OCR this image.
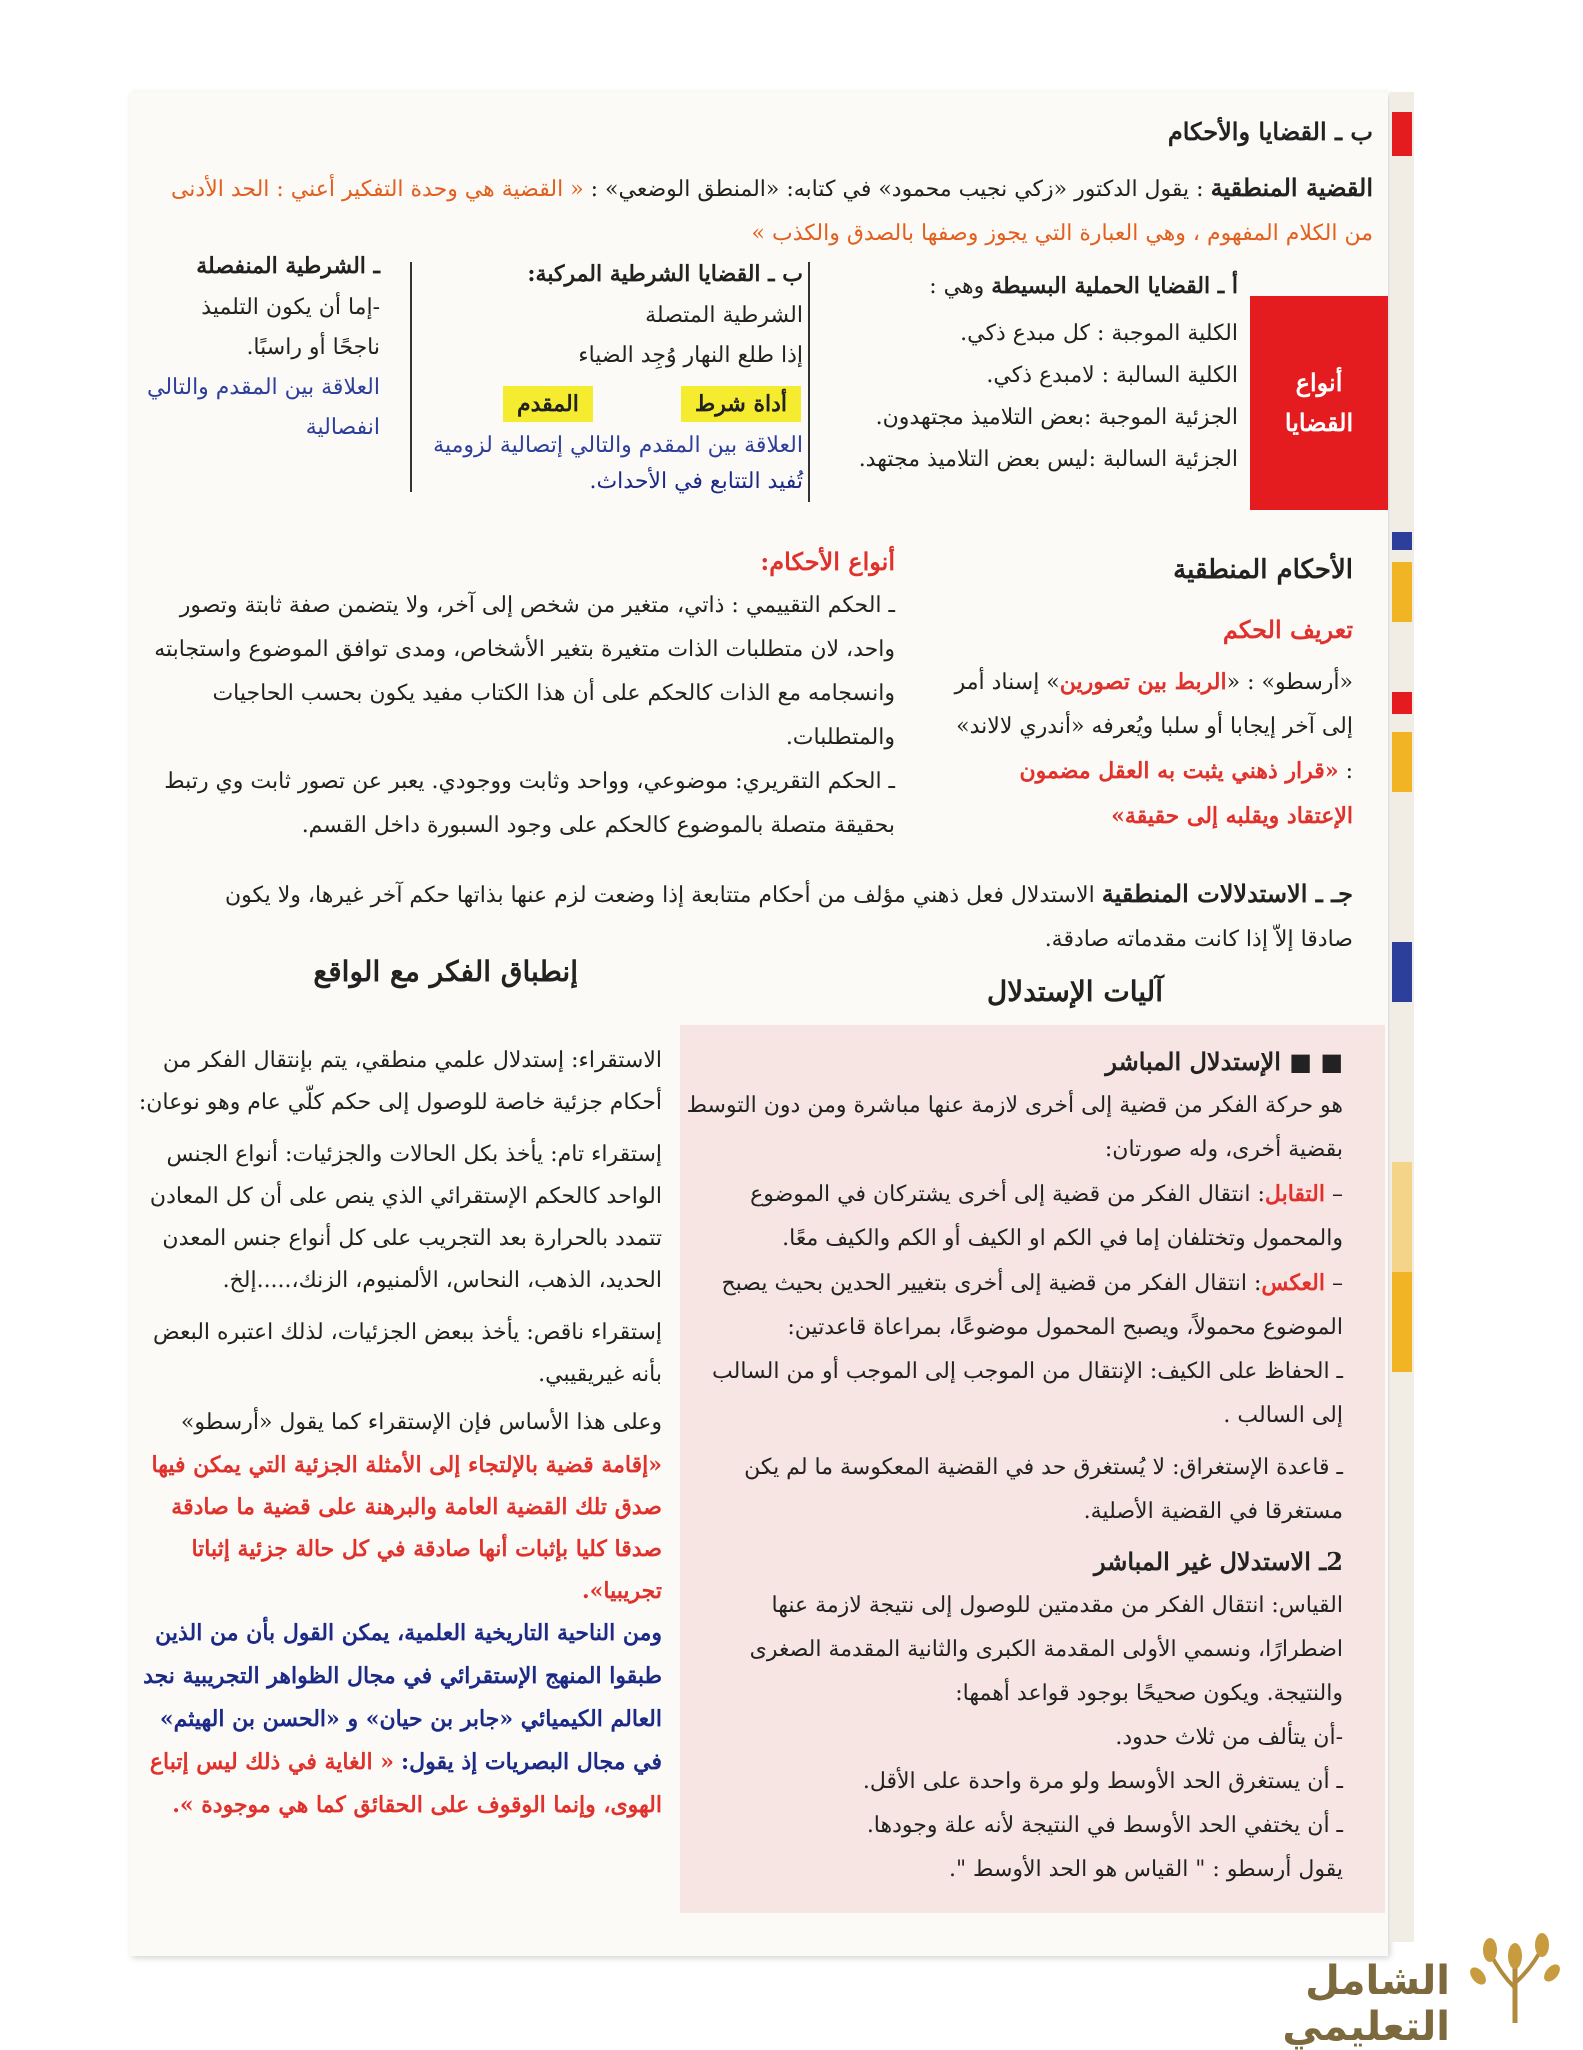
ب ـ القضايا والأحكام
القضية المنطقية : يقول الدكتور «زكي نجيب محمود» في كتابه: «المنطق الوضعي» : « القضية هي وحدة التفكير أعني : الحد الأدنى
من الكلام المفهوم ، وهي العبارة التي يجوز وصفها بالصدق والكذب »
أنواع
القضايا
أ ـ القضايا الحملية البسيطة وهي :
الكلية الموجبة : كل مبدع ذكي.
الكلية السالبة : لامبدع ذكي.
الجزئية الموجبة :بعض التلاميذ مجتهدون.
الجزئية السالبة :ليس بعض التلاميذ مجتهد.
ب ـ القضايا الشرطية المركبة:
الشرطية المتصلة
إذا طلع النهار وُجِد الضياء
أداة شرط
المقدم
العلاقة بين المقدم والتالي إتصالية لزومية
تُفيد التتابع في الأحداث.
ـ الشرطية المنفصلة
-إما أن يكون التلميذ
ناجحًا أو راسبًا.
العلاقة بين المقدم والتالي
انفصالية
الأحكام المنطقية
تعريف الحكم
«أرسطو» : «الربط بين تصورين» إسناد أمر
إلى آخر إيجابا أو سلبا ويُعرفه «أندري لالاند»
: «قرار ذهني يثبت به العقل مضمون
الإعتقاد ويقلبه إلى حقيقة»
أنواع الأحكام:
ـ الحكم التقييمي : ذاتي، متغير من شخص إلى آخر، ولا يتضمن صفة ثابتة وتصور واحد، لان متطلبات الذات متغيرة بتغير الأشخاص، ومدى توافق الموضوع واستجابته وانسجامه مع الذات كالحكم على أن هذا الكتاب مفيد يكون بحسب الحاجيات والمتطلبات.
ـ الحكم التقريري: موضوعي، وواحد وثابت ووجودي. يعبر عن تصور ثابت وي رتبط بحقيقة متصلة بالموضوع كالحكم على وجود السبورة داخل القسم.
جـ ـ الاستدلالات المنطقية الاستدلال فعل ذهني مؤلف من أحكام متتابعة إذا وضعت لزم عنها بذاتها حكم آخر غيرها، ولا يكون
صادقا إلاّ إذا كانت مقدماته صادقة.
آليات الإستدلال
إنطباق الفكر مع الواقع
■ ■ الإستدلال المباشر
هو حركة الفكر من قضية إلى أخرى لازمة عنها مباشرة ومن دون التوسط بقضية أخرى، وله صورتان:
– التقابل: انتقال الفكر من قضية إلى أخرى يشتركان في الموضوع والمحمول وتختلفان إما في الكم او الكيف أو الكم والكيف معًا.
– العكس: انتقال الفكر من قضية إلى أخرى بتغيير الحدين بحيث يصبح الموضوع محمولاً، ويصبح المحمول موضوعًا، بمراعاة قاعدتين:
ـ الحفاظ على الكيف: الإنتقال من الموجب إلى الموجب أو من السالب إلى السالب .
ـ قاعدة الإستغراق: لا يُستغرق حد في القضية المعكوسة ما لم يكن مستغرقا في القضية الأصلية.
2ـ الاستدلال غير المباشر
القياس: انتقال الفكر من مقدمتين للوصول إلى نتيجة لازمة عنها اضطرارًا، ونسمي الأولى المقدمة الكبرى والثانية المقدمة الصغرى والنتيجة. ويكون صحيحًا بوجود قواعد أهمها:
-أن يتألف من ثلاث حدود.
ـ أن يستغرق الحد الأوسط ولو مرة واحدة على الأقل.
ـ أن يختفي الحد الأوسط في النتيجة لأنه علة وجودها.
يقول أرسطو : " القياس هو الحد الأوسط ".
الاستقراء: إستدلال علمي منطقي، يتم بإنتقال الفكر من أحكام جزئية خاصة للوصول إلى حكم كلّي عام وهو نوعان:
إستقراء تام: يأخذ بكل الحالات والجزئيات: أنواع الجنس الواحد كالحكم الإستقرائي الذي ينص على أن كل المعادن تتمدد بالحرارة بعد التجريب على كل أنواع جنس المعدن الحديد، الذهب، النحاس، الألمنيوم، الزنك،.....إلخ.
إستقراء ناقص: يأخذ ببعض الجزئيات، لذلك اعتبره البعض بأنه غيريقيبي.
وعلى هذا الأساس فإن الإستقراء كما يقول «أرسطو»
«إقامة قضية بالإلتجاء إلى الأمثلة الجزئية التي يمكن فيها صدق تلك القضية العامة والبرهنة على قضية ما صادقة صدقا كليا بإثبات أنها صادقة في كل حالة جزئية إثباتا تجريبيا».
ومن الناحية التاريخية العلمية، يمكن القول بأن من الذين طبقوا المنهج الإستقرائي في مجال الظواهر التجريبية نجد العالم الكيميائي «جابر بن حيان» و «الحسن بن الهيثم» في مجال البصريات إذ يقول: « الغاية في ذلك ليس إتباع الهوى، وإنما الوقوف على الحقائق كما هي موجودة ».
الشامل التعليمي
